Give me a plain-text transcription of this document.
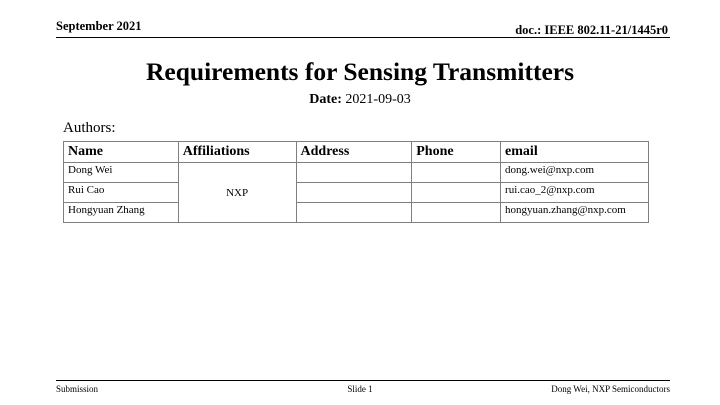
September 2021	doc.: IEEE 802.11-21/1445r0
Requirements for Sensing Transmitters
Date: 2021-09-03
Authors:
Name	Affiliations	Address	Phone	email
Dong Wei	NXP			dong.wei@nxp.com
Rui Cao				rui.cao_2@nxp.com
Hongyuan Zhang				hongyuan.zhang@nxp.com
Submission	Slide 1	Dong Wei, NXP Semiconductors
